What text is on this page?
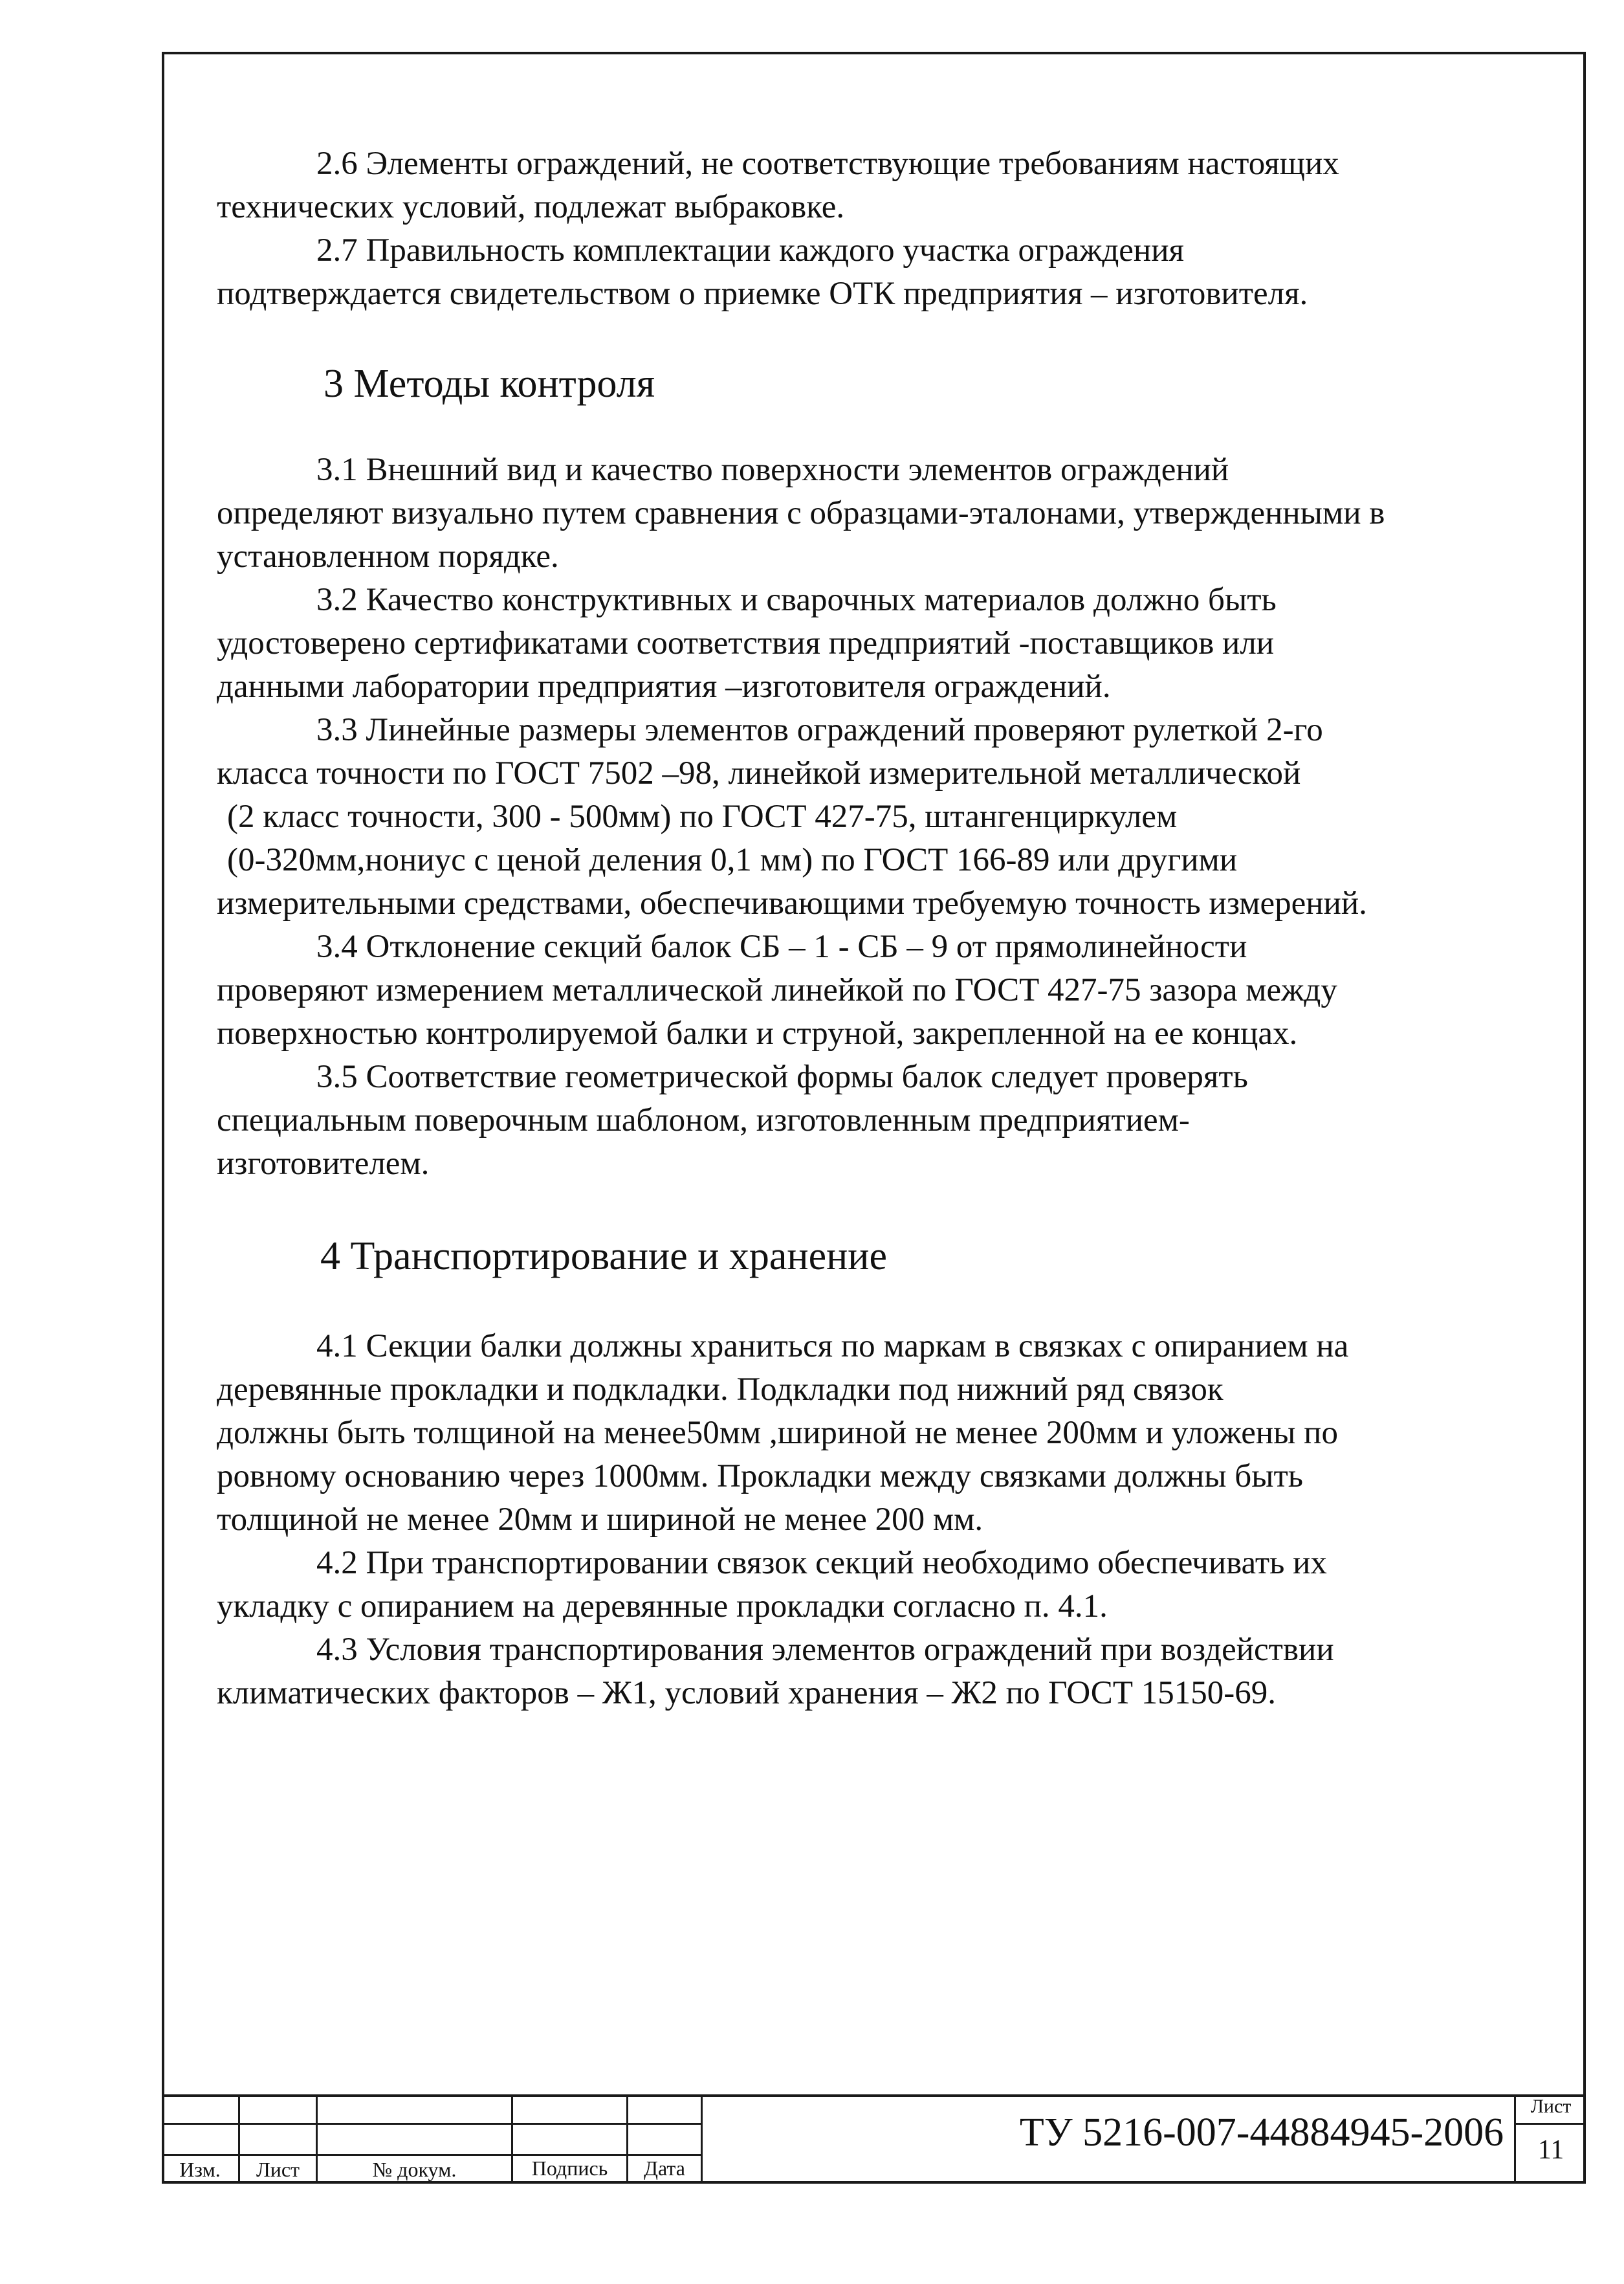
2.6 Элементы ограждений, не соответствующие требованиям настоящих

технических условий, подлежат выбраковке.

2.7 Правильность комплектации каждого участка ограждения

подтверждается свидетельством о приемке ОТК предприятия – изготовителя.

3 Методы контроля

3.1 Внешний вид и качество поверхности элементов ограждений

определяют визуально путем сравнения с образцами-эталонами, утвержденными в

установленном порядке.

3.2 Качество конструктивных и сварочных материалов должно быть

удостоверено сертификатами соответствия предприятий -поставщиков или

данными лаборатории предприятия –изготовителя ограждений.

3.3 Линейные размеры элементов ограждений проверяют рулеткой 2-го

класса точности по ГОСТ 7502 –98, линейкой измерительной металлической

(2 класс точности, 300 - 500мм) по ГОСТ 427-75, штангенциркулем

(0-320мм,нониус с ценой деления 0,1 мм) по ГОСТ 166-89 или другими

измерительными средствами, обеспечивающими требуемую точность измерений.

3.4 Отклонение секций балок СБ – 1 - СБ – 9 от прямолинейности

проверяют измерением металлической линейкой по ГОСТ 427-75 зазора между

поверхностью контролируемой балки и струной, закрепленной на ее концах.

3.5 Соответствие геометрической формы балок следует проверять

специальным поверочным шаблоном, изготовленным предприятием-

изготовителем.

4 Транспортирование и хранение

4.1 Секции балки должны храниться по маркам в связках с опиранием на

деревянные прокладки и подкладки. Подкладки под нижний ряд связок

должны быть толщиной на менее50мм ,шириной не менее 200мм и уложены по

ровному основанию через 1000мм. Прокладки между связками должны быть

толщиной не менее 20мм и шириной не менее 200 мм.

4.2 При транспортировании связок секций необходимо обеспечивать их

укладку с опиранием на деревянные прокладки согласно п. 4.1.

4.3 Условия транспортирования элементов ограждений при воздействии

климатических факторов – Ж1, условий хранения – Ж2 по ГОСТ 15150-69.

Изм.	Лист	№ докум.	Подпись	Дата
ТУ 5216-007-44884945-2006
Лист
11
